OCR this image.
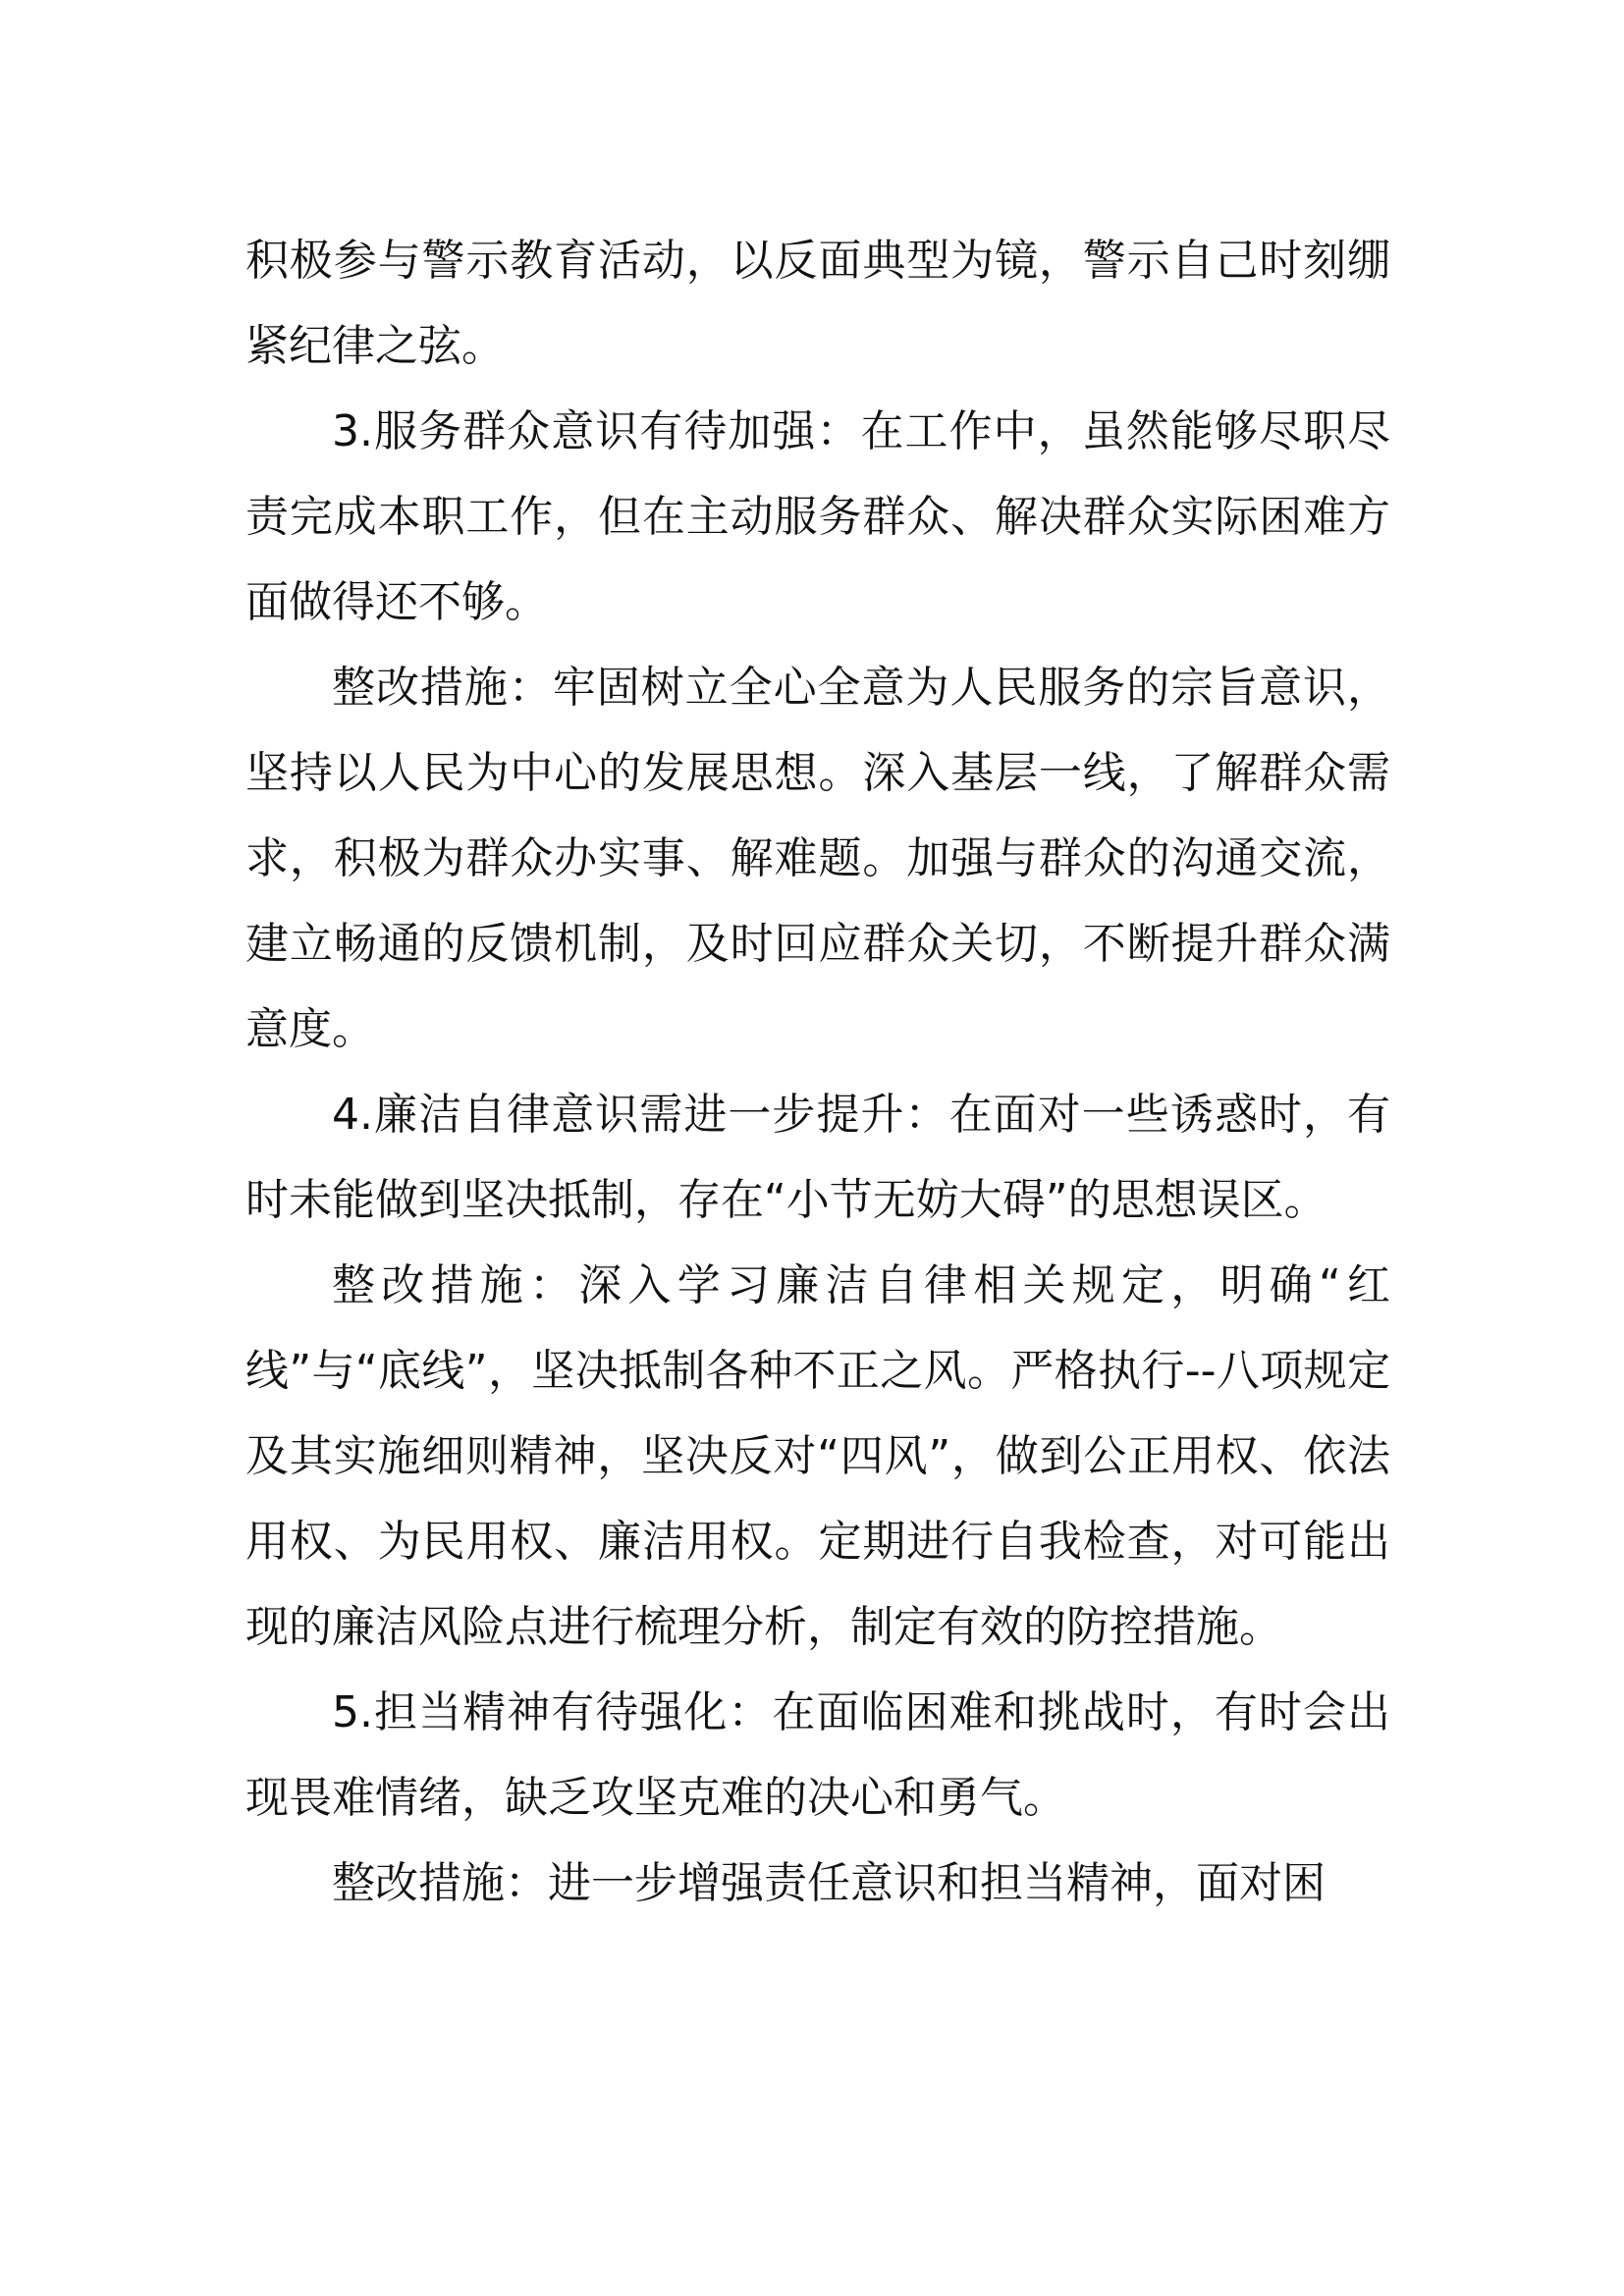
积极参与警示教育活动，以反面典型为镜，警示自己时刻绷紧纪律之弦。

3.服务群众意识有待加强：在工作中，虽然能够尽职尽责完成本职工作，但在主动服务群众、解决群众实际困难方面做得还不够。

整改措施：牢固树立全心全意为人民服务的宗旨意识，坚持以人民为中心的发展思想。深入基层一线，了解群众需求，积极为群众办实事、解难题。加强与群众的沟通交流，建立畅通的反馈机制，及时回应群众关切，不断提升群众满意度。

4.廉洁自律意识需进一步提升：在面对一些诱惑时，有时未能做到坚决抵制，存在“小节无妨大碍”的思想误区。

整改措施：深入学习廉洁自律相关规定，明确“红线”与“底线”，坚决抵制各种不正之风。严格执行--八项规定及其实施细则精神，坚决反对“四风”，做到公正用权、依法用权、为民用权、廉洁用权。定期进行自我检查，对可能出现的廉洁风险点进行梳理分析，制定有效的防控措施。

5.担当精神有待强化：在面临困难和挑战时，有时会出现畏难情绪，缺乏攻坚克难的决心和勇气。

整改措施：进一步增强责任意识和担当精神，面对困
